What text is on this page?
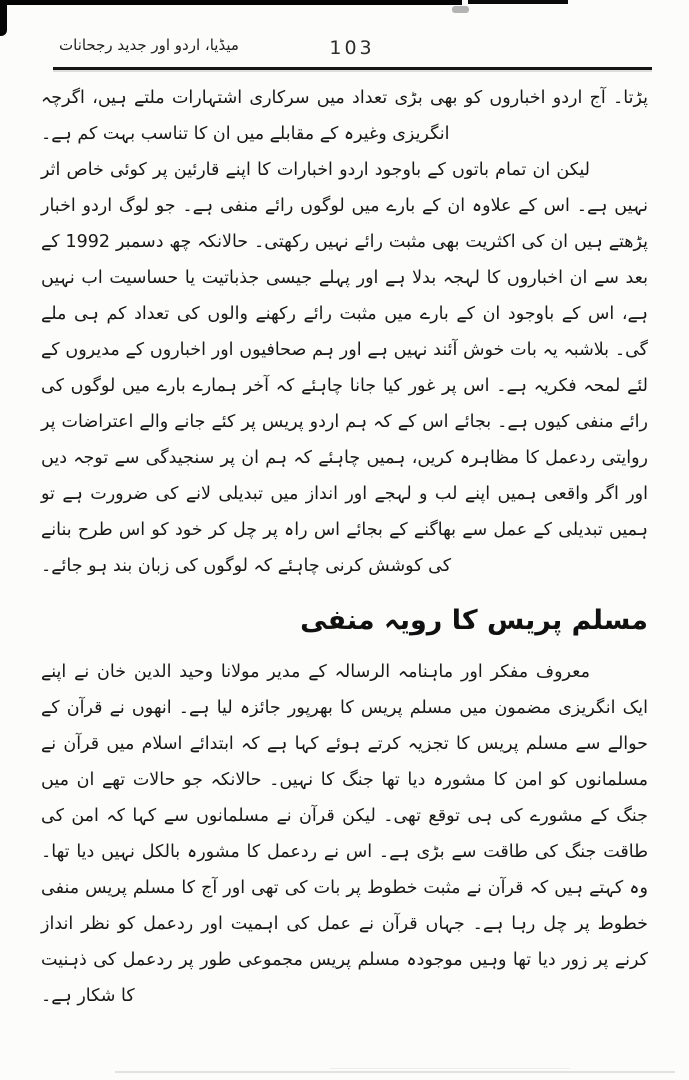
میڈیا، اردو اور جدید رجحانات	103

پڑتا۔ آج اردو اخباروں کو بھی بڑی تعداد میں سرکاری اشتہارات ملتے ہیں، اگرچہ انگریزی وغیرہ کے مقابلے میں ان کا تناسب بہت کم ہے۔

لیکن ان تمام باتوں کے باوجود اردو اخبارات کا اپنے قارئین پر کوئی خاص اثر نہیں ہے۔ اس کے علاوہ ان کے بارے میں لوگوں رائے منفی ہے۔ جو لوگ اردو اخبار پڑھتے ہیں ان کی اکثریت بھی مثبت رائے نہیں رکھتی۔ حالانکہ چھ دسمبر 1992 کے بعد سے ان اخباروں کا لہجہ بدلا ہے اور پہلے جیسی جذباتیت یا حساسیت اب نہیں ہے، اس کے باوجود ان کے بارے میں مثبت رائے رکھنے والوں کی تعداد کم ہی ملے گی۔ بلاشبہ یہ بات خوش آئند نہیں ہے اور ہم صحافیوں اور اخباروں کے مدیروں کے لئے لمحہ فکریہ ہے۔ اس پر غور کیا جانا چاہئے کہ آخر ہمارے بارے میں لوگوں کی رائے منفی کیوں ہے۔ بجائے اس کے کہ ہم اردو پریس پر کئے جانے والے اعتراضات پر روایتی ردعمل کا مظاہرہ کریں، ہمیں چاہئے کہ ہم ان پر سنجیدگی سے توجہ دیں اور اگر واقعی ہمیں اپنے لب و لہجے اور انداز میں تبدیلی لانے کی ضرورت ہے تو ہمیں تبدیلی کے عمل سے بھاگنے کے بجائے اس راہ پر چل کر خود کو اس طرح بنانے کی کوشش کرنی چاہئے کہ لوگوں کی زبان بند ہو جائے۔

مسلم پریس کا رویہ منفی

معروف مفکر اور ماہنامہ الرسالہ کے مدیر مولانا وحید الدین خان نے اپنے ایک انگریزی مضمون میں مسلم پریس کا بھرپور جائزہ لیا ہے۔ انھوں نے قرآن کے حوالے سے مسلم پریس کا تجزیہ کرتے ہوئے کہا ہے کہ ابتدائے اسلام میں قرآن نے مسلمانوں کو امن کا مشورہ دیا تھا جنگ کا نہیں۔ حالانکہ جو حالات تھے ان میں جنگ کے مشورے کی ہی توقع تھی۔ لیکن قرآن نے مسلمانوں سے کہا کہ امن کی طاقت جنگ کی طاقت سے بڑی ہے۔ اس نے ردعمل کا مشورہ بالکل نہیں دیا تھا۔ وہ کہتے ہیں کہ قرآن نے مثبت خطوط پر بات کی تھی اور آج کا مسلم پریس منفی خطوط پر چل رہا ہے۔ جہاں قرآن نے عمل کی اہمیت اور ردعمل کو نظر انداز کرنے پر زور دیا تھا وہیں موجودہ مسلم پریس مجموعی طور پر ردعمل کی ذہنیت کا شکار ہے۔
